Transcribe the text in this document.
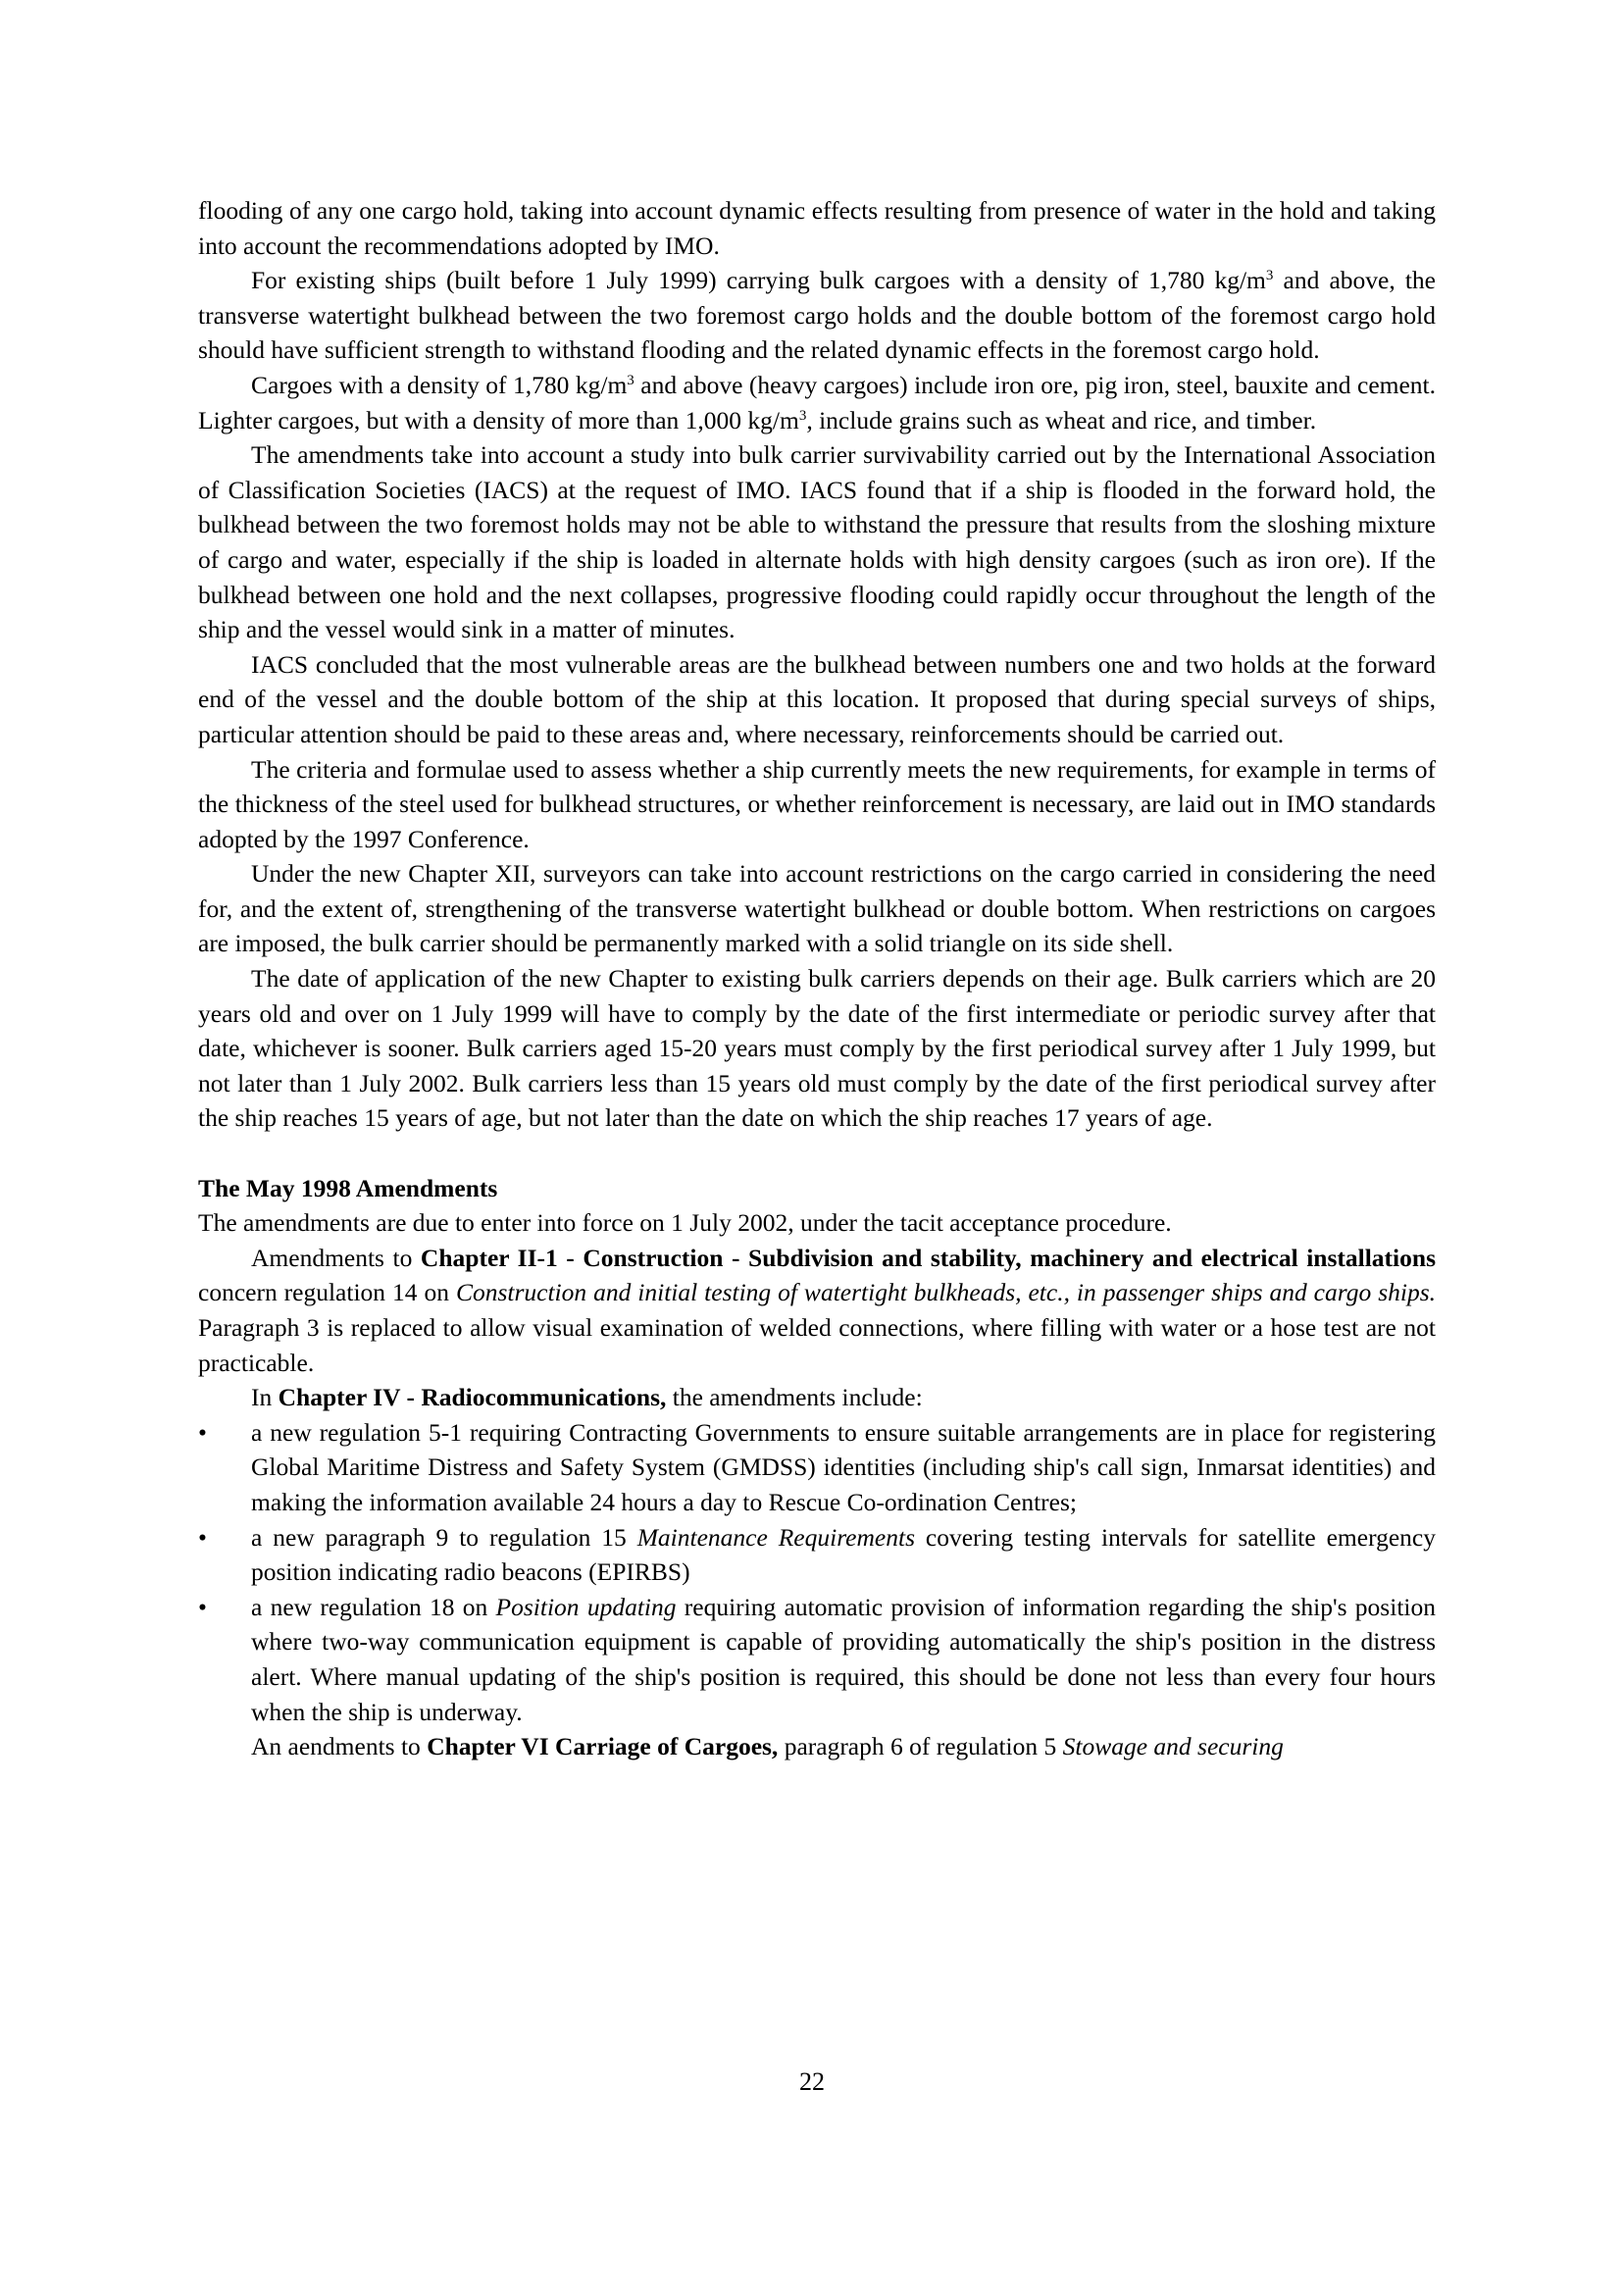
flooding of any one cargo hold, taking into account dynamic effects resulting from presence of water in the hold and taking into account the recommendations adopted by IMO.

For existing ships (built before 1 July 1999) carrying bulk cargoes with a density of 1,780 $kg/m^3$ and above, the transverse watertight bulkhead between the two foremost cargo holds and the double bottom of the foremost cargo hold should have sufficient strength to withstand flooding and the related dynamic effects in the foremost cargo hold.

Cargoes with a density of 1,780 $kg/m^3$ and above (heavy cargoes) include iron ore, pig iron, steel, bauxite and cement. Lighter cargoes, but with a density of more than 1,000 $kg/m^3$, include grains such as wheat and rice, and timber.

The amendments take into account a study into bulk carrier survivability carried out by the International Association of Classification Societies (IACS) at the request of IMO. IACS found that if a ship is flooded in the forward hold, the bulkhead between the two foremost holds may not be able to withstand the pressure that results from the sloshing mixture of cargo and water, especially if the ship is loaded in alternate holds with high density cargoes (such as iron ore). If the bulkhead between one hold and the next collapses, progressive flooding could rapidly occur throughout the length of the ship and the vessel would sink in a matter of minutes.

IACS concluded that the most vulnerable areas are the bulkhead between numbers one and two holds at the forward end of the vessel and the double bottom of the ship at this location. It proposed that during special surveys of ships, particular attention should be paid to these areas and, where necessary, reinforcements should be carried out.

The criteria and formulae used to assess whether a ship currently meets the new requirements, for example in terms of the thickness of the steel used for bulkhead structures, or whether reinforcement is necessary, are laid out in IMO standards adopted by the 1997 Conference.

Under the new Chapter XII, surveyors can take into account restrictions on the cargo carried in considering the need for, and the extent of, strengthening of the transverse watertight bulkhead or double bottom. When restrictions on cargoes are imposed, the bulk carrier should be permanently marked with a solid triangle on its side shell.

The date of application of the new Chapter to existing bulk carriers depends on their age. Bulk carriers which are 20 years old and over on 1 July 1999 will have to comply by the date of the first intermediate or periodic survey after that date, whichever is sooner. Bulk carriers aged 15-20 years must comply by the first periodical survey after 1 July 1999, but not later than 1 July 2002. Bulk carriers less than 15 years old must comply by the date of the first periodical survey after the ship reaches 15 years of age, but not later than the date on which the ship reaches 17 years of age.

The May 1998 Amendments

The amendments are due to enter into force on 1 July 2002, under the tacit acceptance procedure.

Amendments to Chapter II-1 - Construction - Subdivision and stability, machinery and electrical installations concern regulation 14 on Construction and initial testing of watertight bulkheads, etc., in passenger ships and cargo ships. Paragraph 3 is replaced to allow visual examination of welded connections, where filling with water or a hose test are not practicable.

In Chapter IV - Radiocommunications, the amendments include:

• a new regulation 5-1 requiring Contracting Governments to ensure suitable arrangements are in place for registering Global Maritime Distress and Safety System (GMDSS) identities (including ship's call sign, Inmarsat identities) and making the information available 24 hours a day to Rescue Co-ordination Centres;
• a new paragraph 9 to regulation 15 Maintenance Requirements covering testing intervals for satellite emergency position indicating radio beacons (EPIRBS)
• a new regulation 18 on Position updating requiring automatic provision of information regarding the ship's position where two-way communication equipment is capable of providing automatically the ship's position in the distress alert. Where manual updating of the ship's position is required, this should be done not less than every four hours when the ship is underway.

An aendments to Chapter VI Carriage of Cargoes, paragraph 6 of regulation 5 Stowage and securing

22
